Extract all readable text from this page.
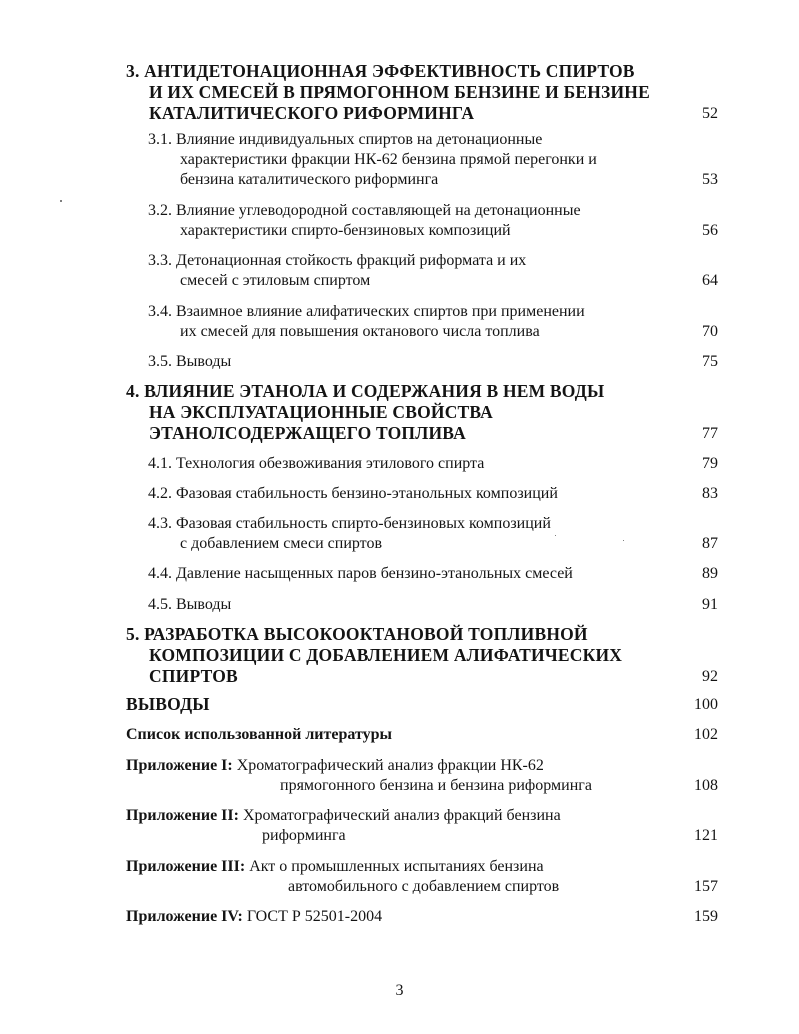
3. АНТИДЕТОНАЦИОННАЯ ЭФФЕКТИВНОСТЬ СПИРТОВ
И ИХ СМЕСЕЙ В ПРЯМОГОННОМ БЕНЗИНЕ И БЕНЗИНЕ
КАТАЛИТИЧЕСКОГО РИФОРМИНГА	52
3.1. Влияние индивидуальных спиртов на детонационные
характеристики фракции НК-62 бензина прямой перегонки и
бензина каталитического риформинга	53
3.2. Влияние углеводородной составляющей на детонационные
характеристики спирто-бензиновых композиций	56
3.3. Детонационная стойкость фракций риформата и их
смесей с этиловым спиртом	64
3.4. Взаимное влияние алифатических спиртов при применении
их смесей для повышения октанового числа топлива	70
3.5. Выводы	75
4. ВЛИЯНИЕ ЭТАНОЛА И СОДЕРЖАНИЯ В НЕМ ВОДЫ
НА ЭКСПЛУАТАЦИОННЫЕ СВОЙСТВА
ЭТАНОЛСОДЕРЖАЩЕГО ТОПЛИВА	77
4.1. Технология обезвоживания этилового спирта	79
4.2. Фазовая стабильность бензино-этанольных композиций	83
4.3. Фазовая стабильность спирто-бензиновых композиций
с добавлением смеси спиртов	87
4.4. Давление насыщенных паров бензино-этанольных смесей	89
4.5. Выводы	91
5. РАЗРАБОТКА ВЫСОКООКТАНОВОЙ ТОПЛИВНОЙ
КОМПОЗИЦИИ С ДОБАВЛЕНИЕМ АЛИФАТИЧЕСКИХ
СПИРТОВ	92
ВЫВОДЫ	100
Список использованной литературы	102
Приложение I: Хроматографический анализ фракции НК-62
прямогонного бензина и бензина риформинга	108
Приложение II: Хроматографический анализ фракций бензина
риформинга	121
Приложение III: Акт о промышленных испытаниях бензина
автомобильного с добавлением спиртов	157
Приложение IV: ГОСТ Р 52501-2004	159
3
